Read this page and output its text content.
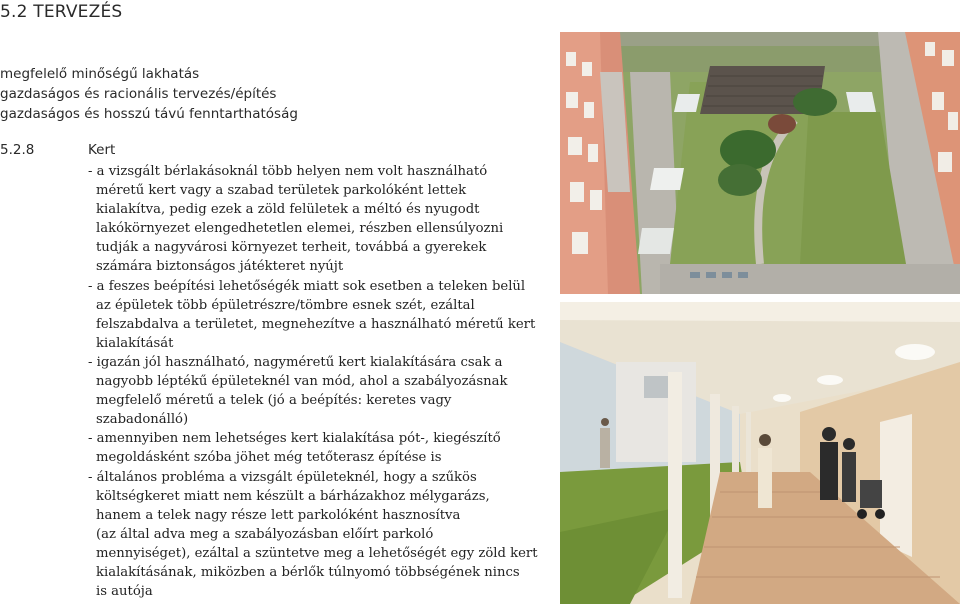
5.2 TERVEZÉS
megfelelő minőségű lakhatás
gazdaságos és racionális tervezés/építés
gazdaságos és hosszú távú fenntarthatóság
5.2.8	Kert
- a vizsgált bérlakásoknál több helyen nem volt használható
méretű kert vagy a szabad területek parkolóként lettek
kialakítva, pedig ezek a zöld felületek a méltó és nyugodt
lakókörnyezet elengedhetetlen elemei, részben ellensúlyozni
tudják a nagyvárosi környezet terheit, továbbá a gyerekek
számára biztonságos játékteret nyújt
- a feszes beépítési lehetőségék miatt sok esetben a teleken belül
az épületek több épületrészre/tömbre esnek szét, ezáltal
felszabdalva a területet, megnehezítve a használható méretű kert
kialakítását
- igazán jól használható, nagyméretű kert kialakítására csak a
nagyobb léptékű épületeknél van mód, ahol a szabályozásnak
megfelelő méretű a telek (jó a beépítés: keretes vagy
szabadonálló)
- amennyiben nem lehetséges kert kialakítása pót-, kiegészítő
megoldásként szóba jöhet még tetőterasz építése is
- általános probléma a vizsgált épületeknél, hogy a szűkös
költségkeret miatt nem készült a bárházakhoz mélygarázs,
hanem a telek nagy része lett parkolóként hasznosítva
(az által adva meg a szabályozásban előírt parkoló
mennyiséget), ezáltal a szüntetve meg a lehetőségét egy zöld kert
kialakításának, miközben a bérlők túlnyomó többségének nincs
is autója
